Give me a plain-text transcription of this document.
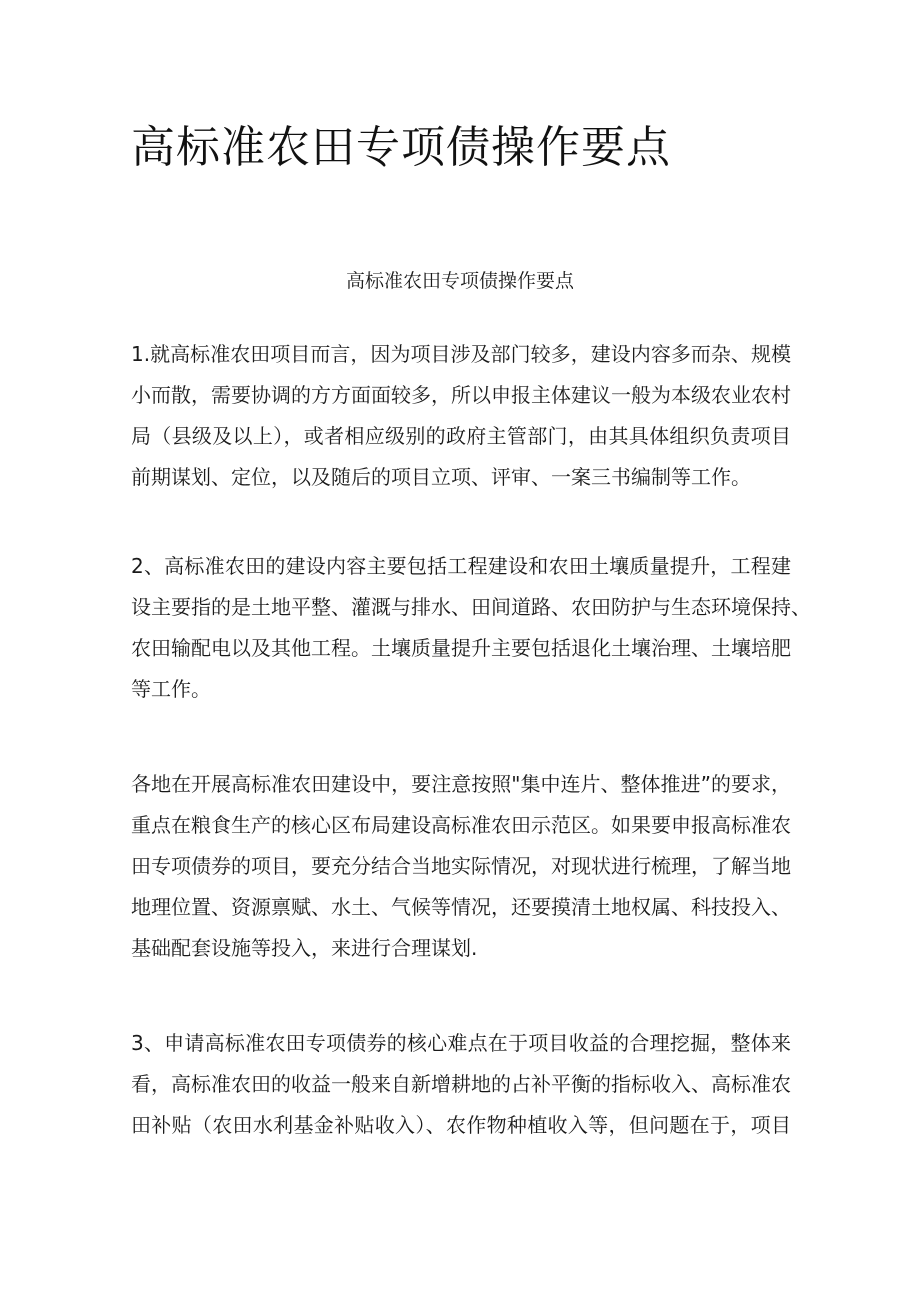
高标准农田专项债操作要点
高标准农田专项债操作要点
1.就高标准农田项目而言，因为项目涉及部门较多，建设内容多而杂、规模
小而散，需要协调的方方面面较多，所以申报主体建议一般为本级农业农村
局（县级及以上），或者相应级别的政府主管部门，由其具体组织负责项目
前期谋划、定位，以及随后的项目立项、评审、一案三书编制等工作。
2、高标准农田的建设内容主要包括工程建设和农田土壤质量提升，工程建
设主要指的是土地平整、灌溉与排水、田间道路、农田防护与生态环境保持、
农田输配电以及其他工程。土壤质量提升主要包括退化土壤治理、土壤培肥
等工作。
各地在开展高标准农田建设中，要注意按照"集中连片、整体推进”的要求，
重点在粮食生产的核心区布局建设高标准农田示范区。如果要申报高标准农
田专项债券的项目，要充分结合当地实际情况，对现状进行梳理，了解当地
地理位置、资源禀赋、水土、气候等情况，还要摸清土地权属、科技投入、
基础配套设施等投入，来进行合理谋划.
3、申请高标准农田专项债券的核心难点在于项目收益的合理挖掘，整体来
看，高标准农田的收益一般来自新增耕地的占补平衡的指标收入、高标准农
田补贴（农田水利基金补贴收入）、农作物种植收入等，但问题在于，项目
